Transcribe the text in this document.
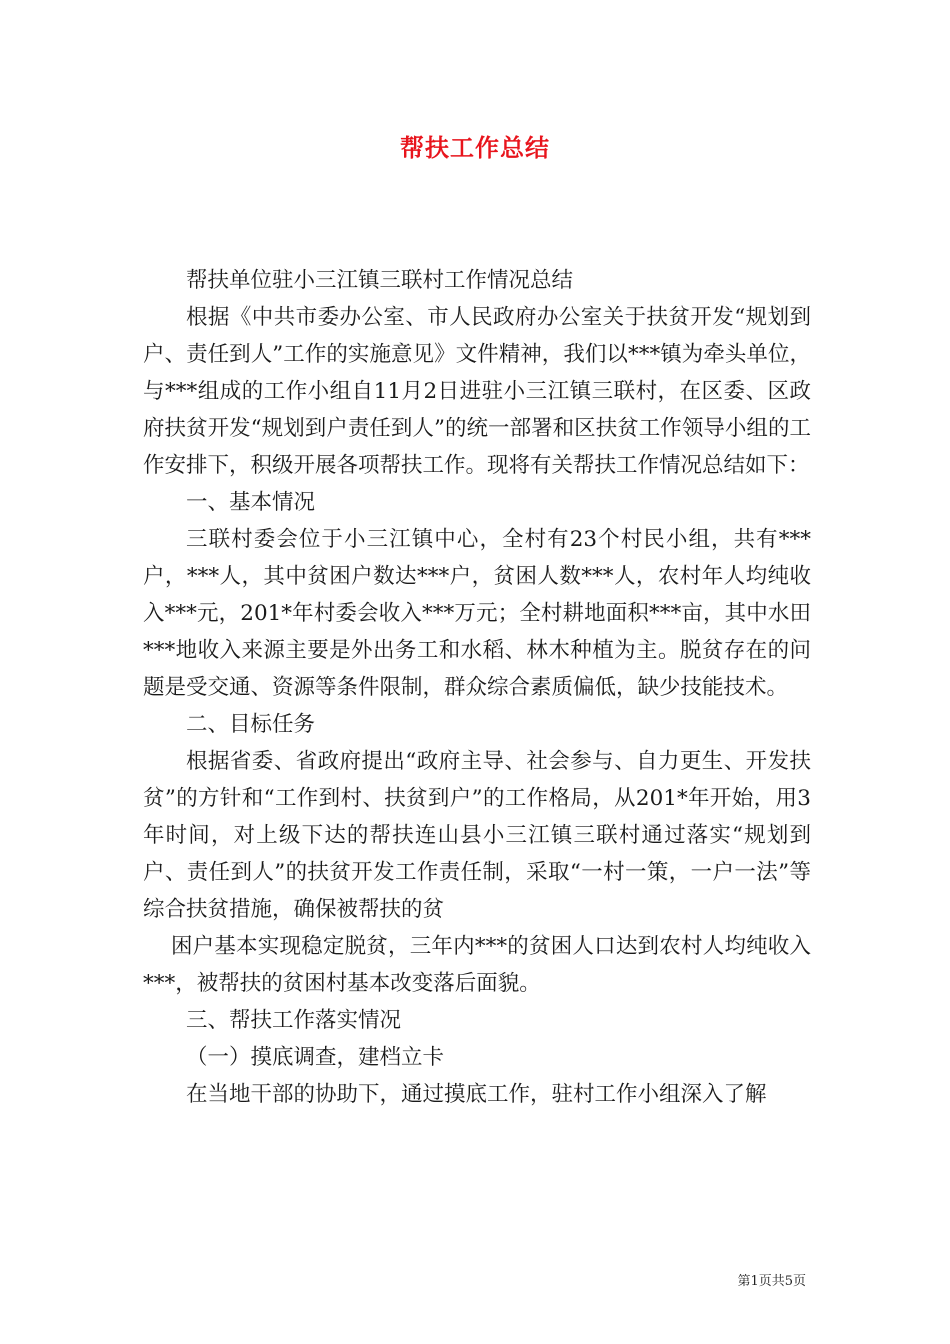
帮扶工作总结

帮扶单位驻小三江镇三联村工作情况总结

根据《中共市委办公室、市人民政府办公室关于扶贫开发“规划到户、责任到人”工作的实施意见》文件精神，我们以***镇为牵头单位，与***组成的工作小组自11月2日进驻小三江镇三联村，在区委、区政府扶贫开发“规划到户责任到人”的统一部署和区扶贫工作领导小组的工作安排下，积级开展各项帮扶工作。现将有关帮扶工作情况总结如下：

一、基本情况

三联村委会位于小三江镇中心，全村有23个村民小组，共有***户，***人，其中贫困户数达***户，贫困人数***人，农村年人均纯收入***元，201*年村委会收入***万元；全村耕地面积***亩，其中水田***地收入来源主要是外出务工和水稻、林木种植为主。脱贫存在的问题是受交通、资源等条件限制，群众综合素质偏低，缺少技能技术。

二、目标任务

根据省委、省政府提出“政府主导、社会参与、自力更生、开发扶贫”的方针和“工作到村、扶贫到户”的工作格局，从201*年开始，用3年时间，对上级下达的帮扶连山县小三江镇三联村通过落实“规划到户、责任到人”的扶贫开发工作责任制，采取“一村一策，一户一法”等综合扶贫措施，确保被帮扶的贫

困户基本实现稳定脱贫，三年内***的贫困人口达到农村人均纯收入***，被帮扶的贫困村基本改变落后面貌。

三、帮扶工作落实情况

（一）摸底调查，建档立卡

在当地干部的协助下，通过摸底工作，驻村工作小组深入了解

第1页共5页
